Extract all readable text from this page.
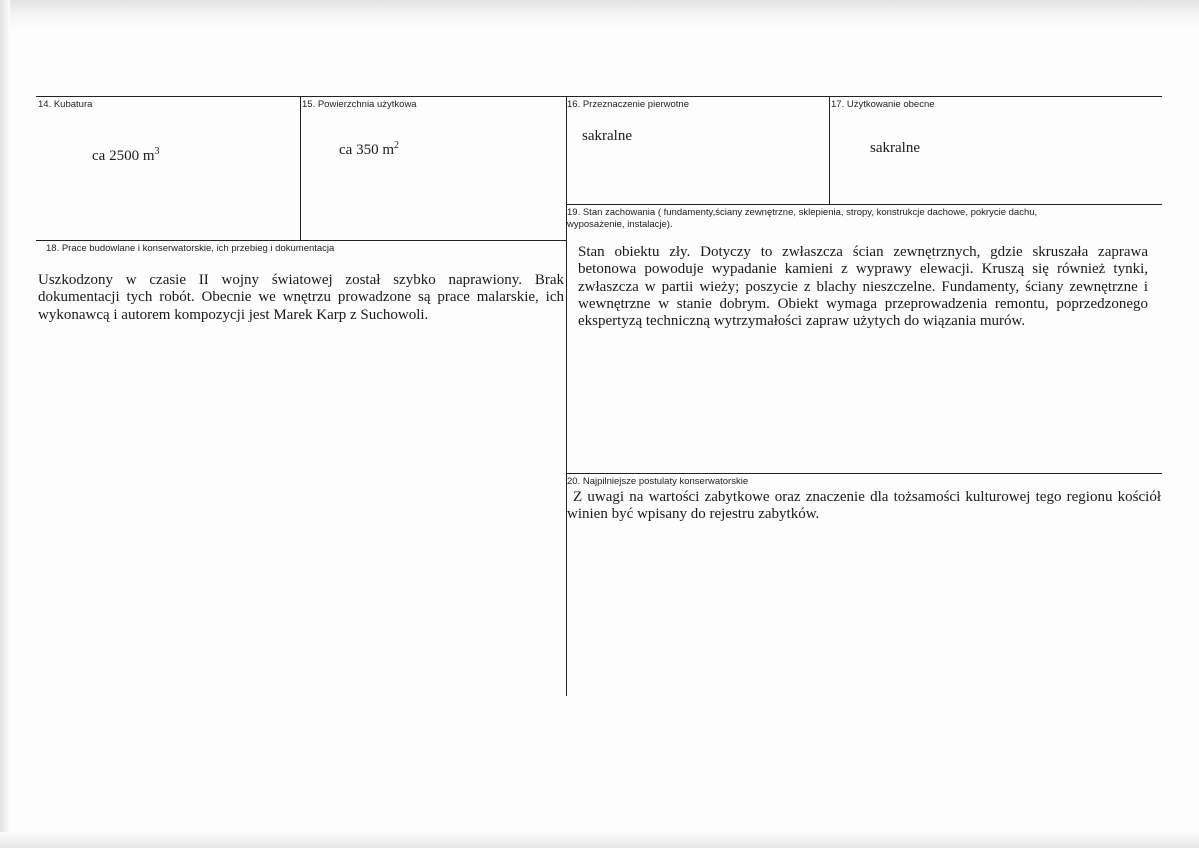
14. Kubatura
ca 2500 $m^3$
15. Powierzchnia użytkowa
ca 350 $m^2$
16. Przeznaczenie pierwotne
sakralne
17. Użytkowanie obecne
sakralne
18. Prace budowlane i konserwatorskie, ich przebieg i dokumentacja
Uszkodzony w czasie II wojny światowej został szybko naprawiony. Brak dokumentacji tych robót. Obecnie we wnętrzu prowadzone są prace malarskie, ich wykonawcą i autorem kompozycji jest Marek Karp z Suchowoli.
19. Stan zachowania ( fundamenty,ściany zewnętrzne, sklepienia, stropy, konstrukcje dachowe, pokrycie dachu, wyposażenie, instalacje).
Stan obiektu zły. Dotyczy to zwłaszcza ścian zewnętrznych, gdzie skruszała zaprawa betonowa powoduje wypadanie kamieni z wyprawy elewacji. Kruszą się również tynki, zwłaszcza w partii wieży; poszycie z blachy nieszczelne. Fundamenty, ściany zewnętrzne i wewnętrzne w stanie dobrym. Obiekt wymaga przeprowadzenia remontu, poprzedzonego ekspertyzą techniczną wytrzymałości zapraw użytych do wiązania murów.
20. Najpilniejsze postulaty konserwatorskie
Z uwagi na wartości zabytkowe oraz znaczenie dla tożsamości kulturowej tego regionu kościół winien być wpisany do rejestru zabytków.
